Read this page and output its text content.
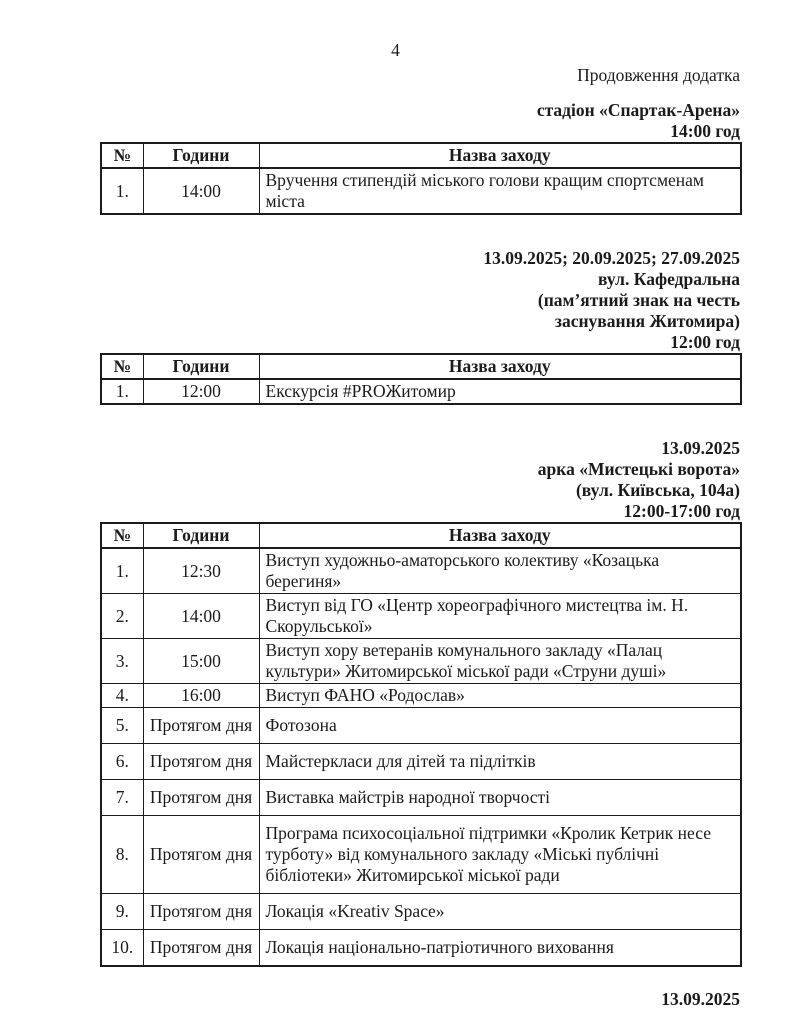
4
Продовження додатка
стадіон «Спартак-Арена»
14:00 год
№	Години	Назва заходу
1.	14:00	Вручення стипендій міського голови кращим спортсменам міста
13.09.2025; 20.09.2025; 27.09.2025
вул. Кафедральна
(пам’ятний знак на честь
заснування Житомира)
12:00 год
№	Години	Назва заходу
1.	12:00	Екскурсія #PROЖитомир
13.09.2025
арка «Мистецькі ворота»
(вул. Київська, 104а)
12:00-17:00 год
№	Години	Назва заходу
1.	12:30	Виступ художньо-аматорського колективу «Козацька берегиня»
2.	14:00	Виступ від ГО «Центр хореографічного мистецтва ім. Н. Скорульської»
3.	15:00	Виступ хору ветеранів комунального закладу «Палац культури» Житомирської міської ради «Струни душі»
4.	16:00	Виступ ФАНО «Родослав»
5.	Протягом дня	Фотозона
6.	Протягом дня	Майстеркласи для дітей та підлітків
7.	Протягом дня	Виставка майстрів народної творчості
8.	Протягом дня	Програма психосоціальної підтримки «Кролик Кетрик несе турботу» від комунального закладу «Міські публічні бібліотеки» Житомирської міської ради
9.	Протягом дня	Локація «Kreativ Space»
10.	Протягом дня	Локація національно-патріотичного виховання
13.09.2025
